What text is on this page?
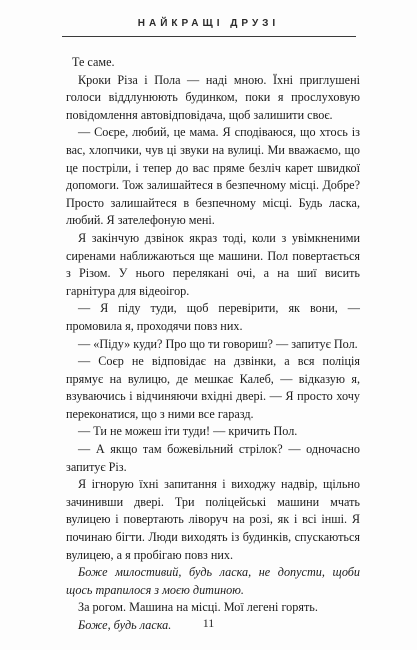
НАЙКРАЩІ ДРУЗІ

Те саме.

Кроки Різа і Пола — наді мною. Їхні приглушені голоси віддлунюють будинком, поки я прослуховую повідомлення автовідповідача, щоб залишити своє.

— Соєре, любий, це мама. Я сподіваюся, що хтось із вас, хлопчики, чув ці звуки на вулиці. Ми вважаємо, що це постріли, і тепер до вас пряме безліч карет швидкої допомоги. Тож залишайтеся в безпечному місці. Добре? Просто залишайтеся в безпечному місці. Будь ласка, любий. Я зателефоную мені.

Я закінчую дзвінок якраз тоді, коли з увімкненими сиренами наближаються ще машини. Пол повертається з Різом. У нього перелякані очі, а на шиї висить гарнітура для відеоігор.

— Я піду туди, щоб перевірити, як вони, — промовила я, проходячи повз них.

— «Піду» куди? Про що ти говориш? — запитує Пол.

— Соєр не відповідає на дзвінки, а вся поліція прямує на вулицю, де мешкає Калеб, — відказую я, взуваючись і відчиняючи вхідні двері. — Я просто хочу переконатися, що з ними все гаразд.

— Ти не можеш іти туди! — кричить Пол.

— А якщо там божевільний стрілок? — одночасно запитує Різ.

Я ігнорую їхні запитання і виходжу надвір, щільно зачинивши двері. Три поліцейські машини мчать вулицею і повертають ліворуч на розі, як і всі інші. Я починаю бігти. Люди виходять із будинків, спускаються вулицею, а я пробігаю повз них.

Боже милостивий, будь ласка, не допусти, щоби щось трапилося з моєю дитиною.

За рогом. Машина на місці. Мої легені горять.

Боже, будь ласка.	11
